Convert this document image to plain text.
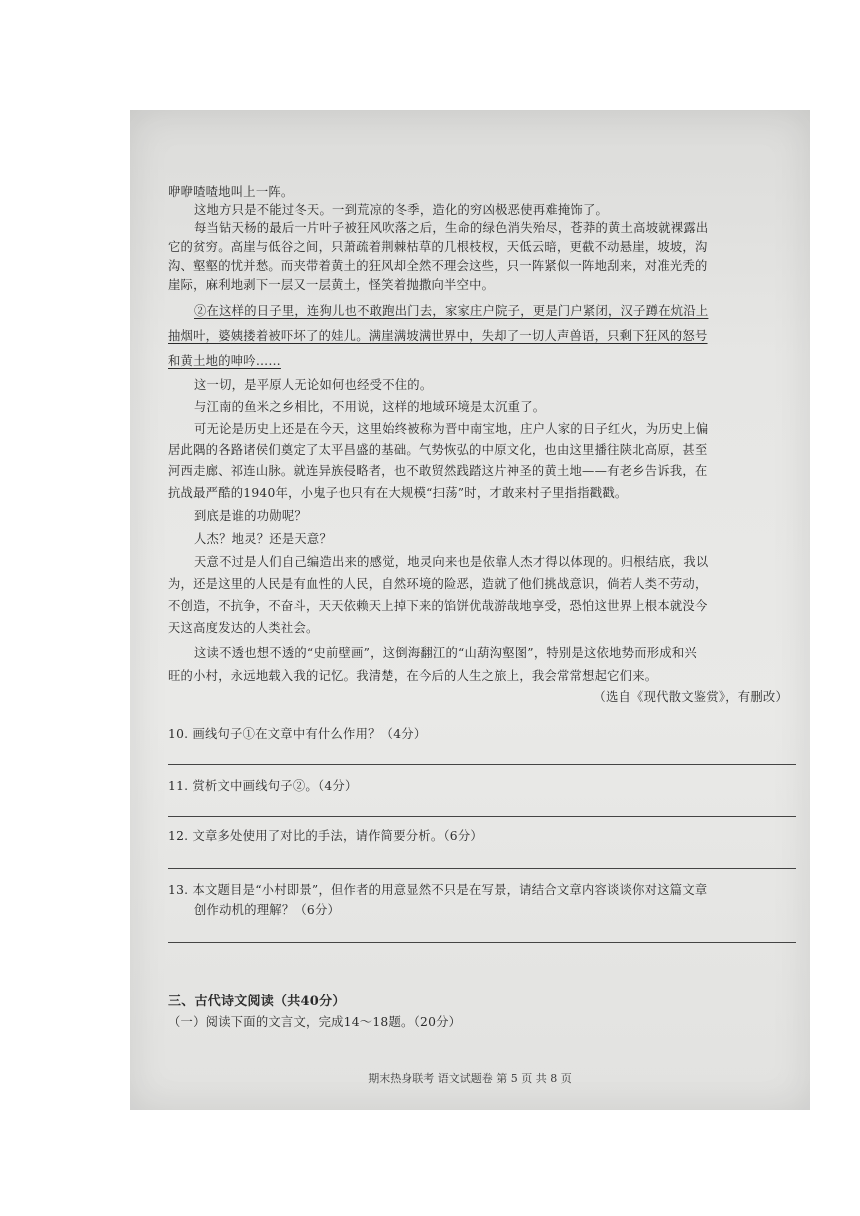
咿咿喳喳地叫上一阵。
这地方只是不能过冬天。一到荒凉的冬季，造化的穷凶极恶使再难掩饰了。
每当钻天杨的最后一片叶子被狂风吹落之后，生命的绿色消失殆尽，苍莽的黄土高坡就裸露出
它的贫穷。高崖与低谷之间，只萧疏着荆棘枯草的几根枝杈，天低云暗，更截不动悬崖，坡坡，沟
沟、壑壑的忧并愁。而夹带着黄土的狂风却全然不理会这些，只一阵紧似一阵地刮来，对准光秃的
崖际，麻利地剥下一层又一层黄土，怪笑着抛撒向半空中。
②在这样的日子里，连狗儿也不敢跑出门去，家家庄户院子，更是门户紧闭，汉子蹲在炕沿上
抽烟叶，婆姨搂着被吓坏了的娃儿。满崖满坡满世界中，失却了一切人声兽语，只剩下狂风的怒号
和黄土地的呻吟……
这一切，是平原人无论如何也经受不住的。
与江南的鱼米之乡相比，不用说，这样的地域环境是太沉重了。
可无论是历史上还是在今天，这里始终被称为晋中南宝地，庄户人家的日子红火，为历史上偏
居此隅的各路诸侯们奠定了太平昌盛的基础。气势恢弘的中原文化，也由这里播往陕北高原，甚至
河西走廊、祁连山脉。就连异族侵略者，也不敢贸然践踏这片神圣的黄土地——有老乡告诉我，在
抗战最严酷的1940年，小鬼子也只有在大规模“扫荡”时，才敢来村子里指指戳戳。
到底是谁的功勋呢？
人杰？地灵？还是天意？
天意不过是人们自己编造出来的感觉，地灵向来也是依靠人杰才得以体现的。归根结底，我以
为，还是这里的人民是有血性的人民，自然环境的险恶，造就了他们挑战意识，倘若人类不劳动，
不创造，不抗争，不奋斗，天天依赖天上掉下来的馅饼优哉游哉地享受，恐怕这世界上根本就没今
天这高度发达的人类社会。
这读不透也想不透的“史前壁画”，这倒海翻江的“山葫沟壑图”，特别是这依地势而形成和兴
旺的小村，永远地载入我的记忆。我清楚，在今后的人生之旅上，我会常常想起它们来。
（选自《现代散文鉴赏》，有删改）
10. 画线句子①在文章中有什么作用？（4分）
11. 赏析文中画线句子②。（4分）
12. 文章多处使用了对比的手法，请作简要分析。（6分）
13. 本文题目是“小村即景”，但作者的用意显然不只是在写景，请结合文章内容谈谈你对这篇文章
创作动机的理解？（6分）
三、古代诗文阅读（共40分）
（一）阅读下面的文言文，完成14～18题。（20分）
期末热身联考 语文试题卷 第 5 页 共 8 页
